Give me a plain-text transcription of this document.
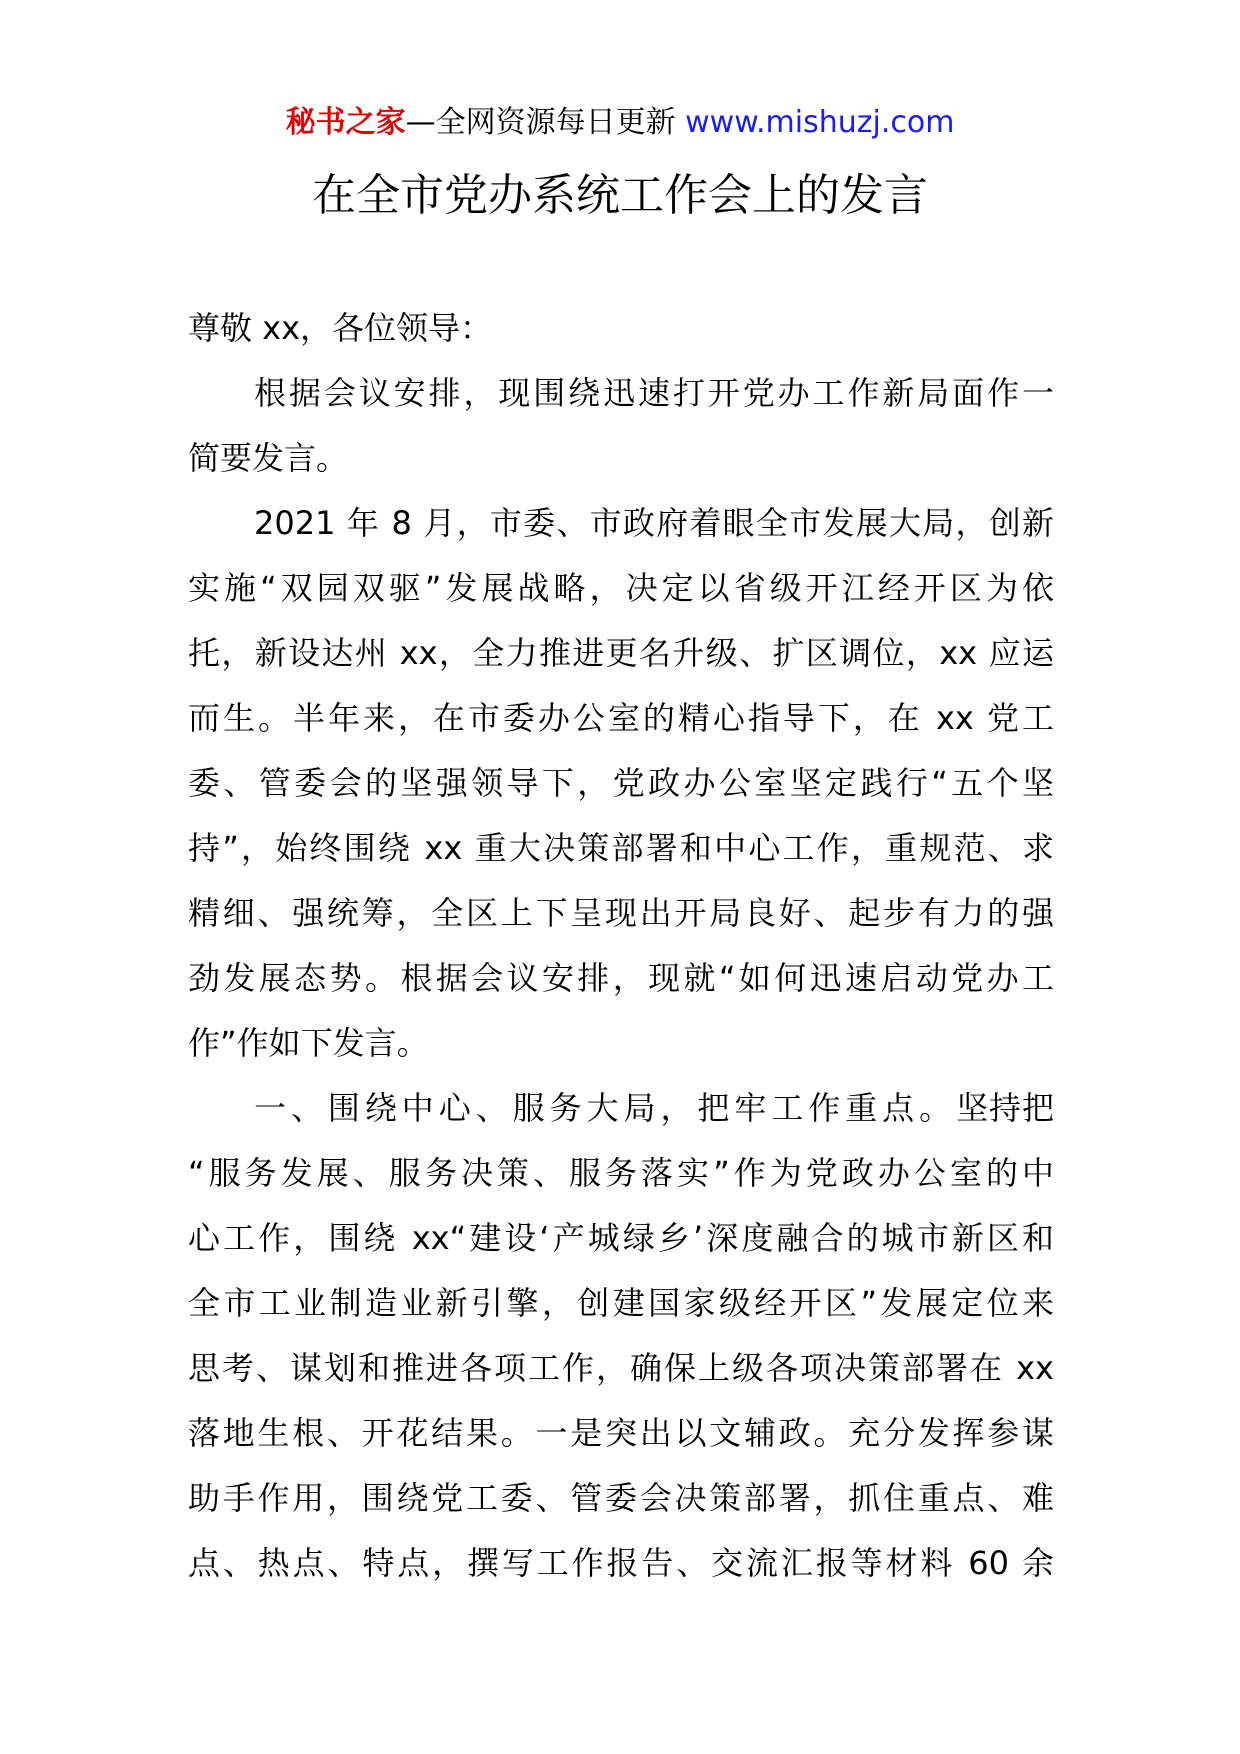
秘书之家—全网资源每日更新 www.mishuzj.com
在全市党办系统工作会上的发言
尊敬 xx，各位领导：
根据会议安排，现围绕迅速打开党办工作新局面作一
简要发言。
2021 年 8 月，市委、市政府着眼全市发展大局，创新
实施“双园双驱”发展战略，决定以省级开江经开区为依
托，新设达州 xx，全力推进更名升级、扩区调位，xx 应运
而生。半年来，在市委办公室的精心指导下，在 xx 党工
委、管委会的坚强领导下，党政办公室坚定践行“五个坚
持”，始终围绕 xx 重大决策部署和中心工作，重规范、求
精细、强统筹，全区上下呈现出开局良好、起步有力的强
劲发展态势。根据会议安排，现就“如何迅速启动党办工
作”作如下发言。
一、围绕中心、服务大局，把牢工作重点。坚持把
“服务发展、服务决策、服务落实”作为党政办公室的中
心工作，围绕 xx“建设‘产城绿乡’深度融合的城市新区和
全市工业制造业新引擎，创建国家级经开区”发展定位来
思考、谋划和推进各项工作，确保上级各项决策部署在 xx
落地生根、开花结果。一是突出以文辅政。充分发挥参谋
助手作用，围绕党工委、管委会决策部署，抓住重点、难
点、热点、特点，撰写工作报告、交流汇报等材料 60 余
